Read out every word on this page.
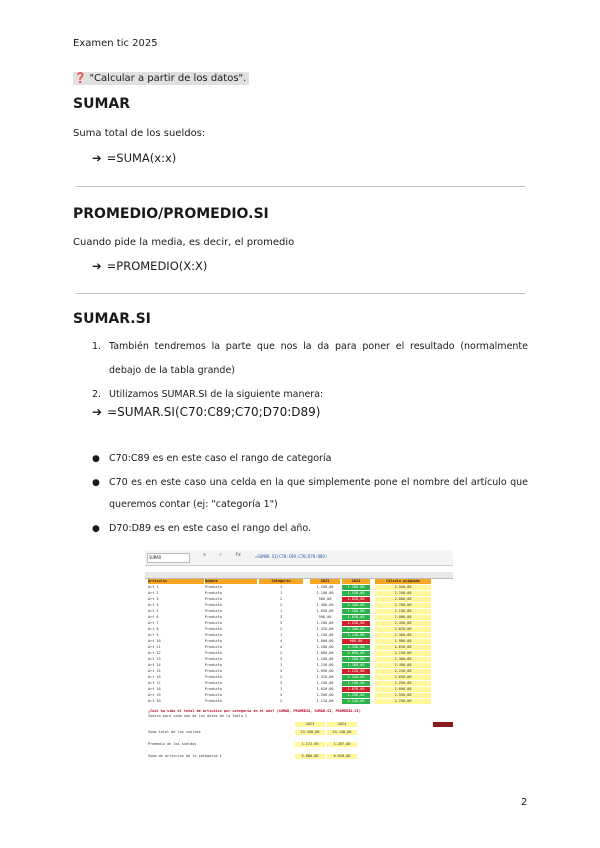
Examen tic 2025
❓ "Calcular a partir de los datos".
SUMAR
Suma total de los sueldos:
➔ =SUMA(x:x)
PROMEDIO/PROMEDIO.SI
Cuando pide la media, es decir, el promedio
➔ =PROMEDIO(X:X)
SUMAR.SI
1. También tendremos la parte que nos la da para poner el resultado (normalmente debajo de la tabla grande)
2. Utilizamos SUMAR.SI de la siguiente manera:
➔ =SUMAR.SI(C70:C89;C70;D70:D89)
● C70:C89 es en este caso el rango de categoría
● C70 es en este caso una celda en la que simplemente pone el nombre del artículo que queremos contar (ej: "categoría 1")
● D70:D89 es en este caso el rango del año.
SUMAR	✕	✓	fx	=SUMAR.SI(C70:C89;C70;D70:D89)
Artículos	Nombre	Categoría	2023	2024	Cálculo asignado
Art 1	Producto	1	1.250,00	1.300,00	2.550,00
Art 2	Producto	1	1.100,00	1.150,00	2.250,00
Art 3	Producto	2	980,00	1.020,00	2.000,00
Art 4	Producto	2	1.400,00	1.380,00	2.780,00
Art 5	Producto	1	1.050,00	1.100,00	2.150,00
Art 6	Producto	3	990,00	1.010,00	2.000,00
Art 7	Producto	3	1.200,00	1.250,00	2.450,00
Art 8	Producto	2	1.320,00	1.300,00	2.620,00
Art 9	Producto	1	1.150,00	1.210,00	2.360,00
Art 10	Producto	4	1.000,00	980,00	1.980,00
Art 11	Producto	4	1.280,00	1.330,00	2.610,00
Art 12	Producto	2	1.060,00	1.090,00	2.150,00
Art 13	Producto	3	1.180,00	1.200,00	2.380,00
Art 14	Producto	1	1.230,00	1.260,00	2.490,00
Art 15	Producto	4	1.090,00	1.120,00	2.210,00
Art 16	Producto	2	1.310,00	1.340,00	2.650,00
Art 17	Producto	3	1.150,00	1.100,00	2.250,00
Art 18	Producto	1	1.020,00	1.070,00	2.090,00
Art 19	Producto	4	1.260,00	1.290,00	2.550,00
Art 20	Producto	2	1.110,00	1.140,00	2.250,00
¿Cuál ha sido el total de artículos por categoría en el año? (SUMAR, PROMEDIO, SUMAR.SI, PROMEDIO.SI)
Indica para cada uno de los datos de la Tabla 1
2023	2024
Suma total de los sueldos	23.450,00	24.140,00
Promedio de los sueldos	1.172,50	1.207,00
Suma de artículos de la categoría 1	5.800,00	6.020,00
2
